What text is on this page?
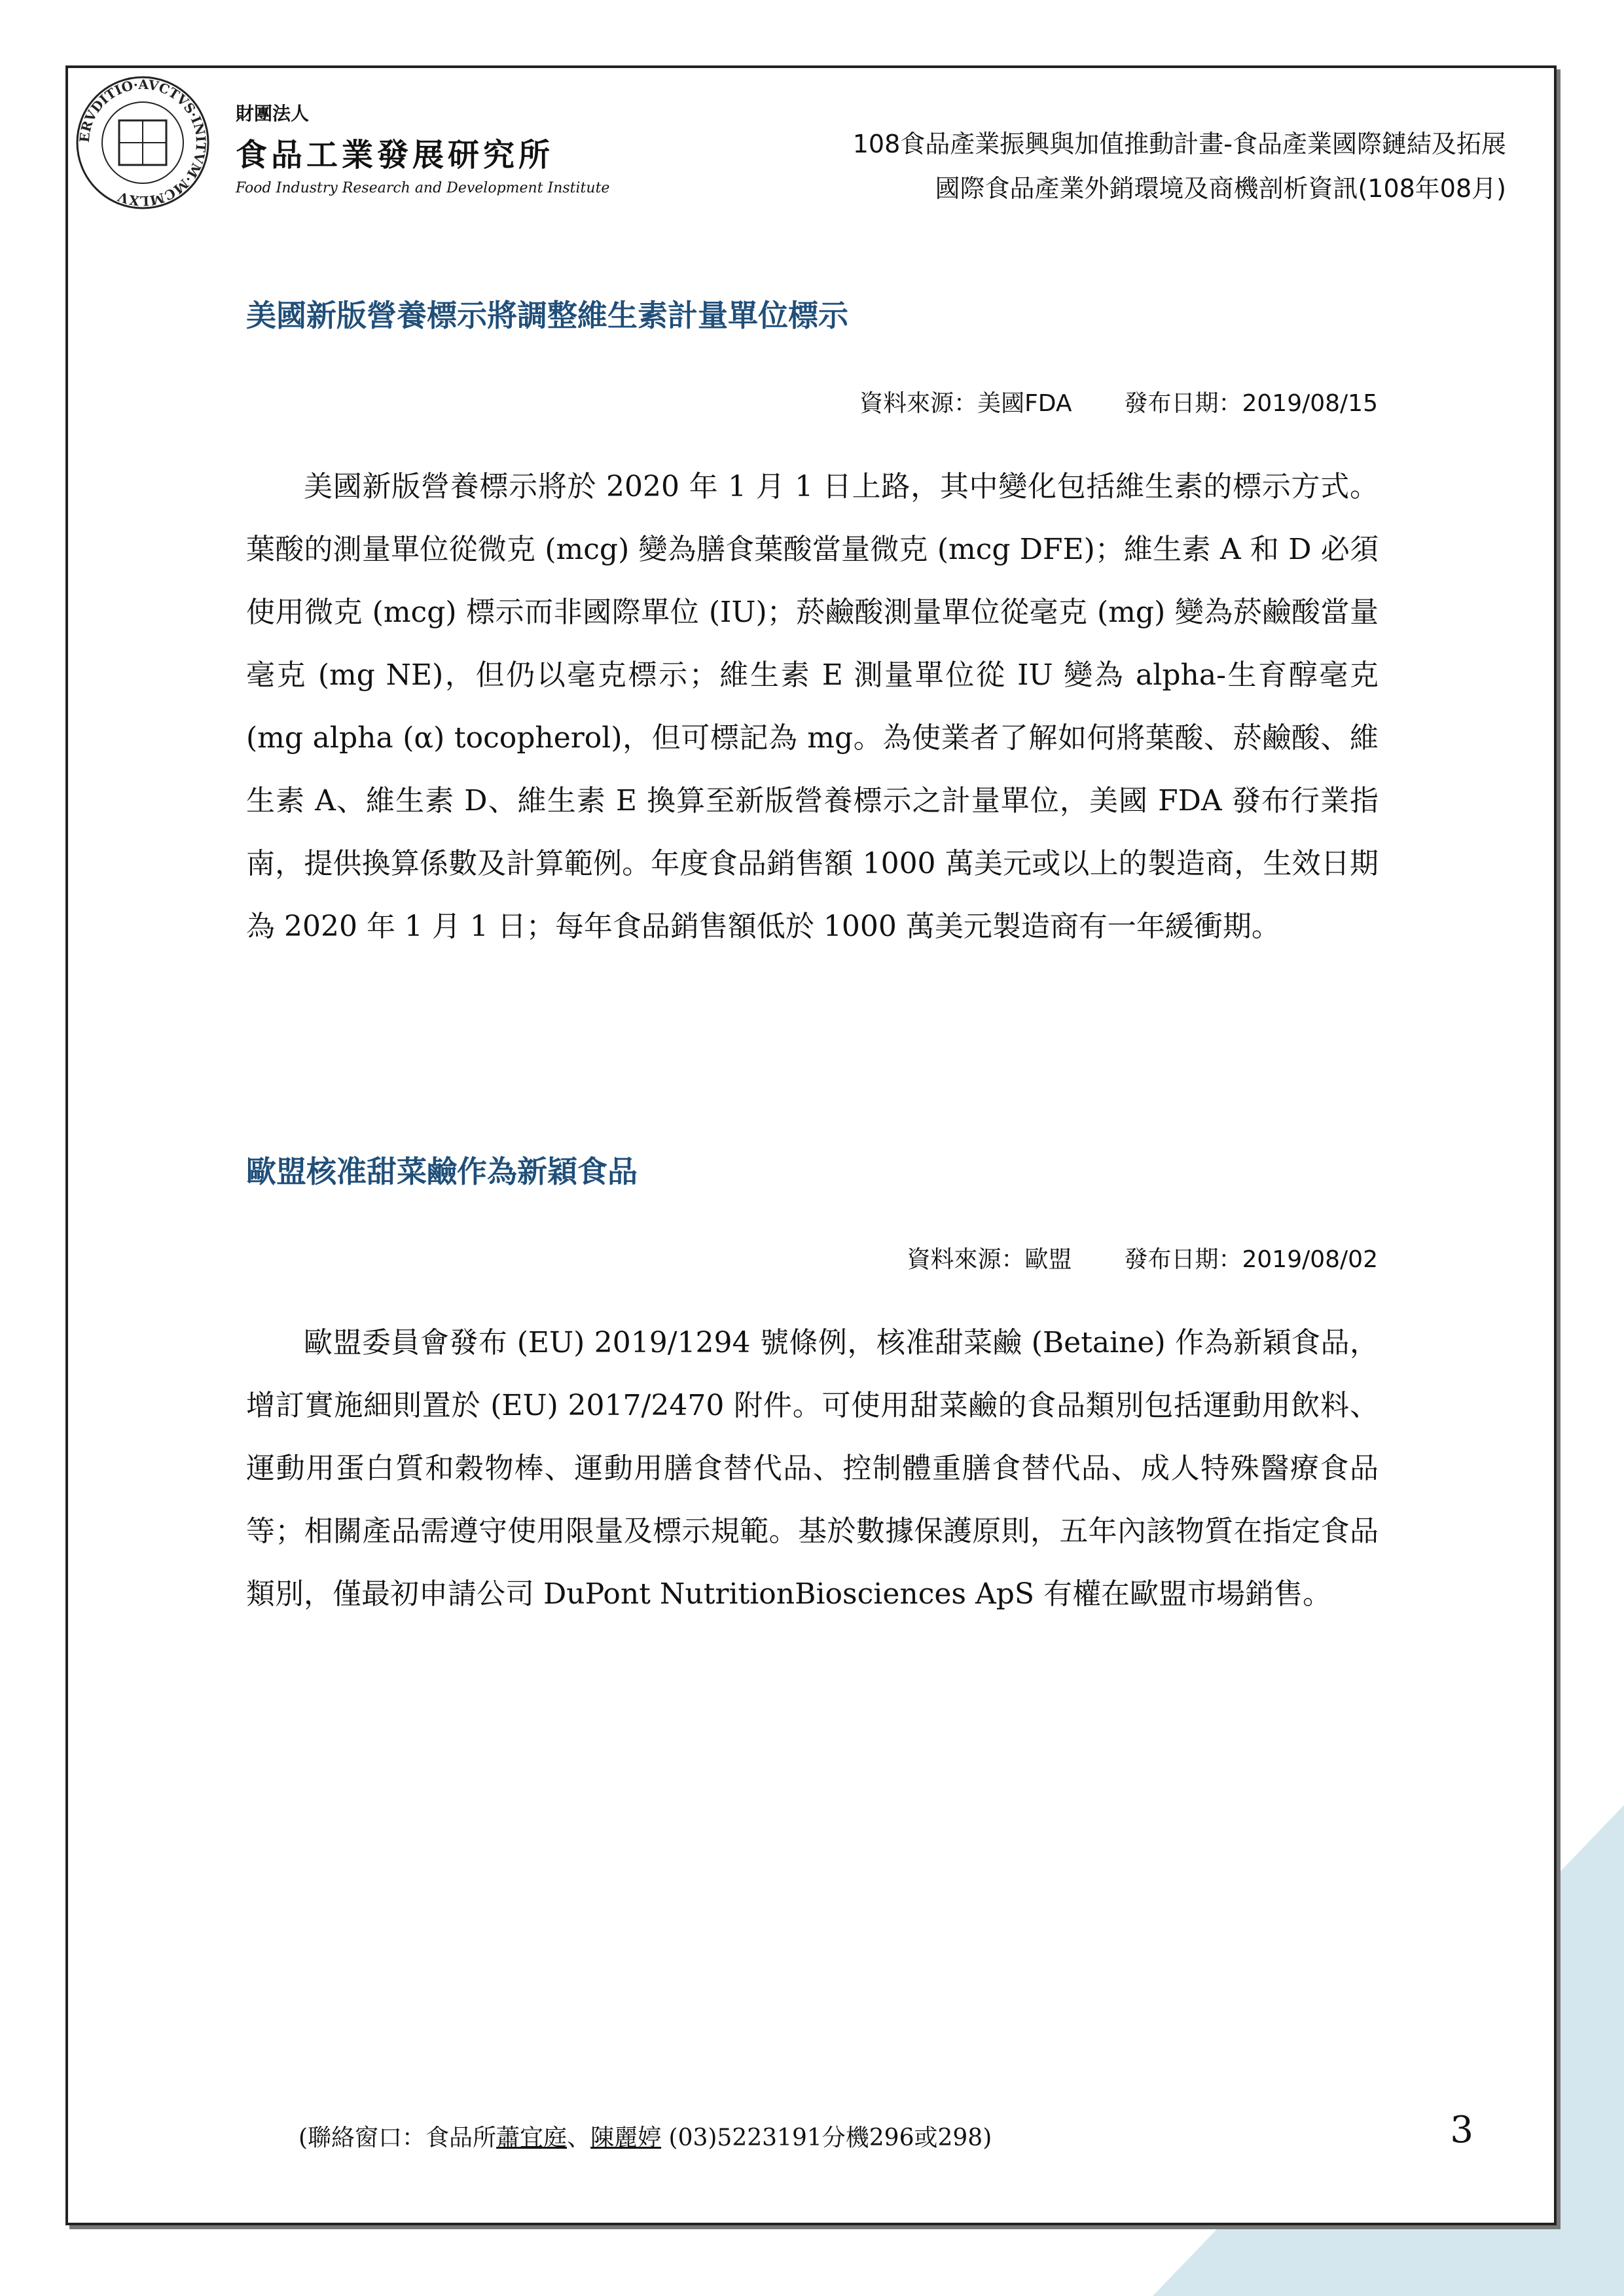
ERVDITIO·AVCTVS·INITVM·MCMLXV
財團法人
食品工業發展研究所
Food Industry Research and Development Institute
108食品產業振興與加值推動計畫-食品產業國際鏈結及拓展
國際食品產業外銷環境及商機剖析資訊(108年08月)
美國新版營養標示將調整維生素計量單位標示
資料來源：美國FDA 發布日期：2019/08/15
美國新版營養標示將於 2020 年 1 月 1 日上路，其中變化包括維生素的標示方式。葉酸的測量單位從微克 (mcg) 變為膳食葉酸當量微克 (mcg DFE)；維生素 A 和 D 必須使用微克 (mcg) 標示而非國際單位 (IU)；菸鹼酸測量單位從毫克 (mg) 變為菸鹼酸當量毫克 (mg NE)，但仍以毫克標示；維生素 E 測量單位從 IU 變為 alpha-生育醇毫克 (mg alpha (α) tocopherol)，但可標記為 mg。為使業者了解如何將葉酸、菸鹼酸、維生素 A、維生素 D、維生素 E 換算至新版營養標示之計量單位，美國 FDA 發布行業指南，提供換算係數及計算範例。年度食品銷售額 1000 萬美元或以上的製造商，生效日期為 2020 年 1 月 1 日；每年食品銷售額低於 1000 萬美元製造商有一年緩衝期。
歐盟核准甜菜鹼作為新穎食品
資料來源：歐盟 發布日期：2019/08/02
歐盟委員會發布 (EU) 2019/1294 號條例，核准甜菜鹼 (Betaine) 作為新穎食品，增訂實施細則置於 (EU) 2017/2470 附件。可使用甜菜鹼的食品類別包括運動用飲料、運動用蛋白質和穀物棒、運動用膳食替代品、控制體重膳食替代品、成人特殊醫療食品等；相關產品需遵守使用限量及標示規範。基於數據保護原則，五年內該物質在指定食品類別，僅最初申請公司 DuPont NutritionBiosciences ApS 有權在歐盟市場銷售。
(聯絡窗口：食品所蕭宜庭、陳麗婷 (03)5223191分機296或298)	3
